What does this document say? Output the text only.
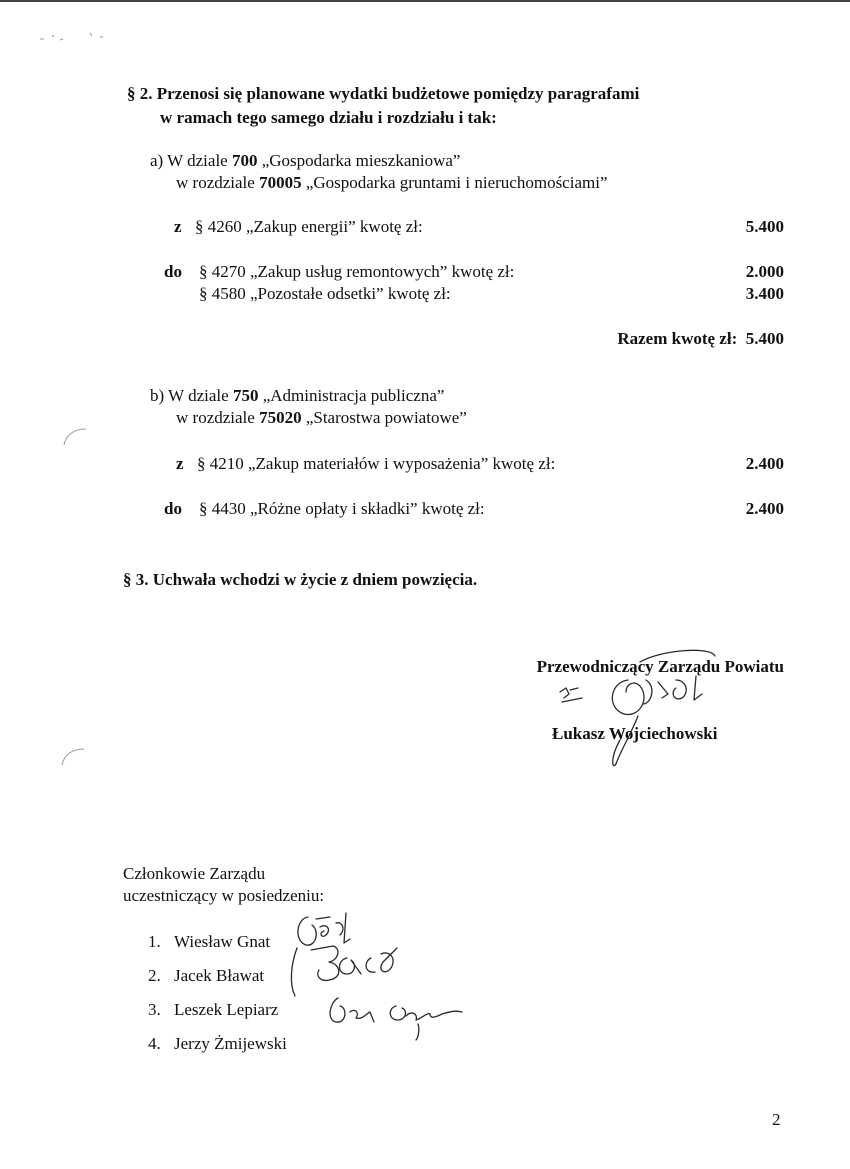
§ 2. Przenosi się planowane wydatki budżetowe pomiędzy paragrafami
w ramach tego samego działu i rozdziału i tak:
a) W dziale 700 „Gospodarka mieszkaniowa”
w rozdziale 70005 „Gospodarka gruntami i nieruchomościami”
z § 4260 „Zakup energii” kwotę zł:	5.400
do § 4270 „Zakup usług remontowych” kwotę zł:	2.000
§ 4580 „Pozostałe odsetki” kwotę zł:	3.400
Razem kwotę zł: 5.400
b) W dziale 750 „Administracja publiczna”
w rozdziale 75020 „Starostwa powiatowe”
z § 4210 „Zakup materiałów i wyposażenia” kwotę zł:	2.400
do § 4430 „Różne opłaty i składki” kwotę zł:	2.400
§ 3. Uchwała wchodzi w życie z dniem powzięcia.
Przewodniczący Zarządu Powiatu
Łukasz Wojciechowski
Członkowie Zarządu
uczestniczący w posiedzeniu:
1. Wiesław Gnat
2. Jacek Bławat
3. Leszek Lepiarz
4. Jerzy Żmijewski
2
